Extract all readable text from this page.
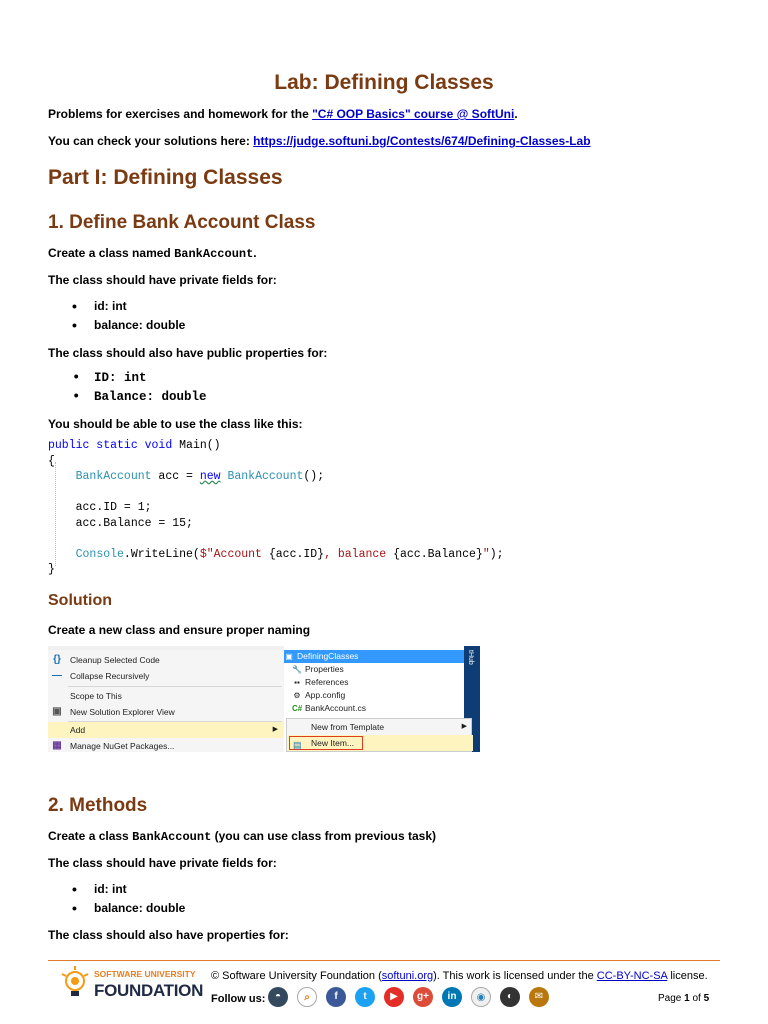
Lab: Defining Classes
Problems for exercises and homework for the "C# OOP Basics" course @ SoftUni.
You can check your solutions here: https://judge.softuni.bg/Contests/674/Defining-Classes-Lab
Part I: Defining Classes
1. Define Bank Account Class
Create a class named BankAccount.
The class should have private fields for:
• id: int
• balance: double
The class should also have public properties for:
• ID: int
• Balance: double
You should be able to use the class like this:
public static void Main()
{
BankAccount acc = new BankAccount();

acc.ID = 1;
acc.Balance = 15;

Console.WriteLine($"Account {acc.ID}, balance {acc.Balance}");
}
Solution
Create a new class and ensure proper naming
{} Cleanup Selected Code
— Collapse Recursively
Scope to This
▣ New Solution Explorer View
Add	▶
▦ Manage NuGet Packages...
▣ DefiningClasses
🔧 Properties
▪▪ References
⚙ App.config
C# BankAccount.cs
tHub
New from Template	▶
▤ New Item...
2. Methods
Create a class BankAccount (you can use class from previous task)
The class should have private fields for:
• id: int
• balance: double
The class should also have properties for:
SOFTWARE UNIVERSITY
FOUNDATION
© Software University Foundation (softuni.org). This work is licensed under the CC-BY-NC-SA license.
Follow us: ◓	⌕	f	t	▶	g+	in	◉	◐	✉	Page 1 of 5
